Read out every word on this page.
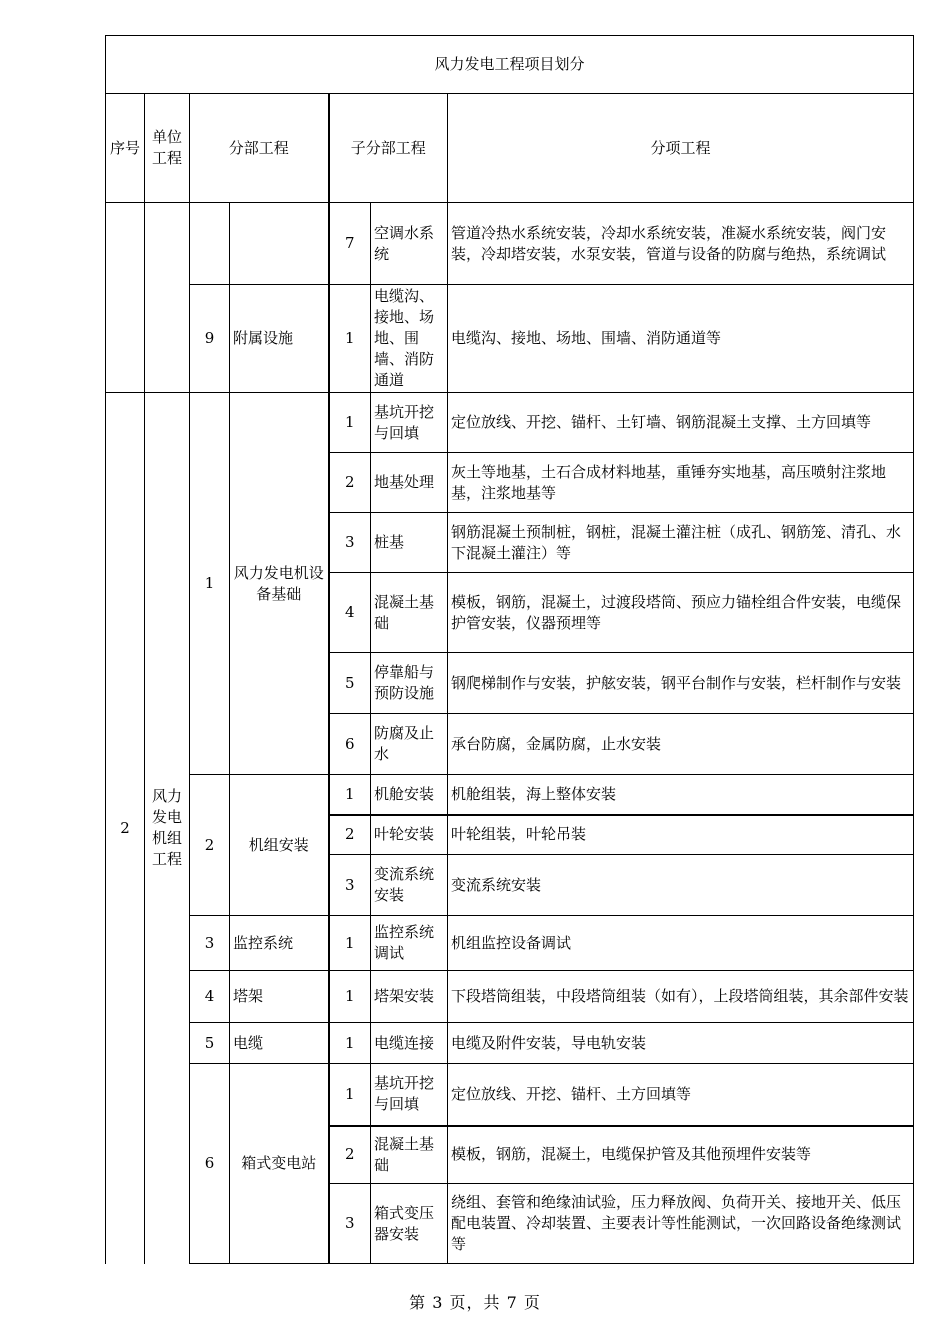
风力发电工程项目划分						
序号	单位工程	分部工程		子分部工程		分项工程
				7	空调水系统	管道冷热水系统安装，冷却水系统安装，准凝水系统安装，阀门安装，冷却塔安装，水泵安装，管道与设备的防腐与绝热，系统调试
		9	附属设施	1	电缆沟、接地、场地、围墙、消防通道	电缆沟、接地、场地、围墙、消防通道等
2	风力发电机组工程	1	风力发电机设备基础	1	基坑开挖与回填	定位放线、开挖、锚杆、土钉墙、钢筋混凝土支撑、土方回填等
				2	地基处理	灰土等地基，土石合成材料地基，重锤夯实地基，高压喷射注浆地基，注浆地基等
				3	桩基	钢筋混凝土预制桩，钢桩，混凝土灌注桩（成孔、钢筋笼、清孔、水下混凝土灌注）等
				4	混凝土基础	模板，钢筋，混凝土，过渡段塔筒、预应力锚栓组合件安装，电缆保护管安装，仪器预埋等
				5	停靠船与预防设施	钢爬梯制作与安装，护舷安装，钢平台制作与安装，栏杆制作与安装
				6	防腐及止水	承台防腐，金属防腐，止水安装
		2	机组安装	1	机舱安装	机舱组装，海上整体安装
				2	叶轮安装	叶轮组装，叶轮吊装
				3	变流系统安装	变流系统安装
		3	监控系统	1	监控系统调试	机组监控设备调试
		4	塔架	1	塔架安装	下段塔筒组装，中段塔筒组装（如有），上段塔筒组装，其余部件安装
		5	电缆	1	电缆连接	电缆及附件安装，导电轨安装
		6	箱式变电站	1	基坑开挖与回填	定位放线、开挖、锚杆、土方回填等
				2	混凝土基础	模板，钢筋，混凝土，电缆保护管及其他预埋件安装等
				3	箱式变压器安装	绕组、套管和绝缘油试验，压力释放阀、负荷开关、接地开关、低压配电装置、冷却装置、主要表计等性能测试，一次回路设备绝缘测试等
第 3 页，共 7 页
